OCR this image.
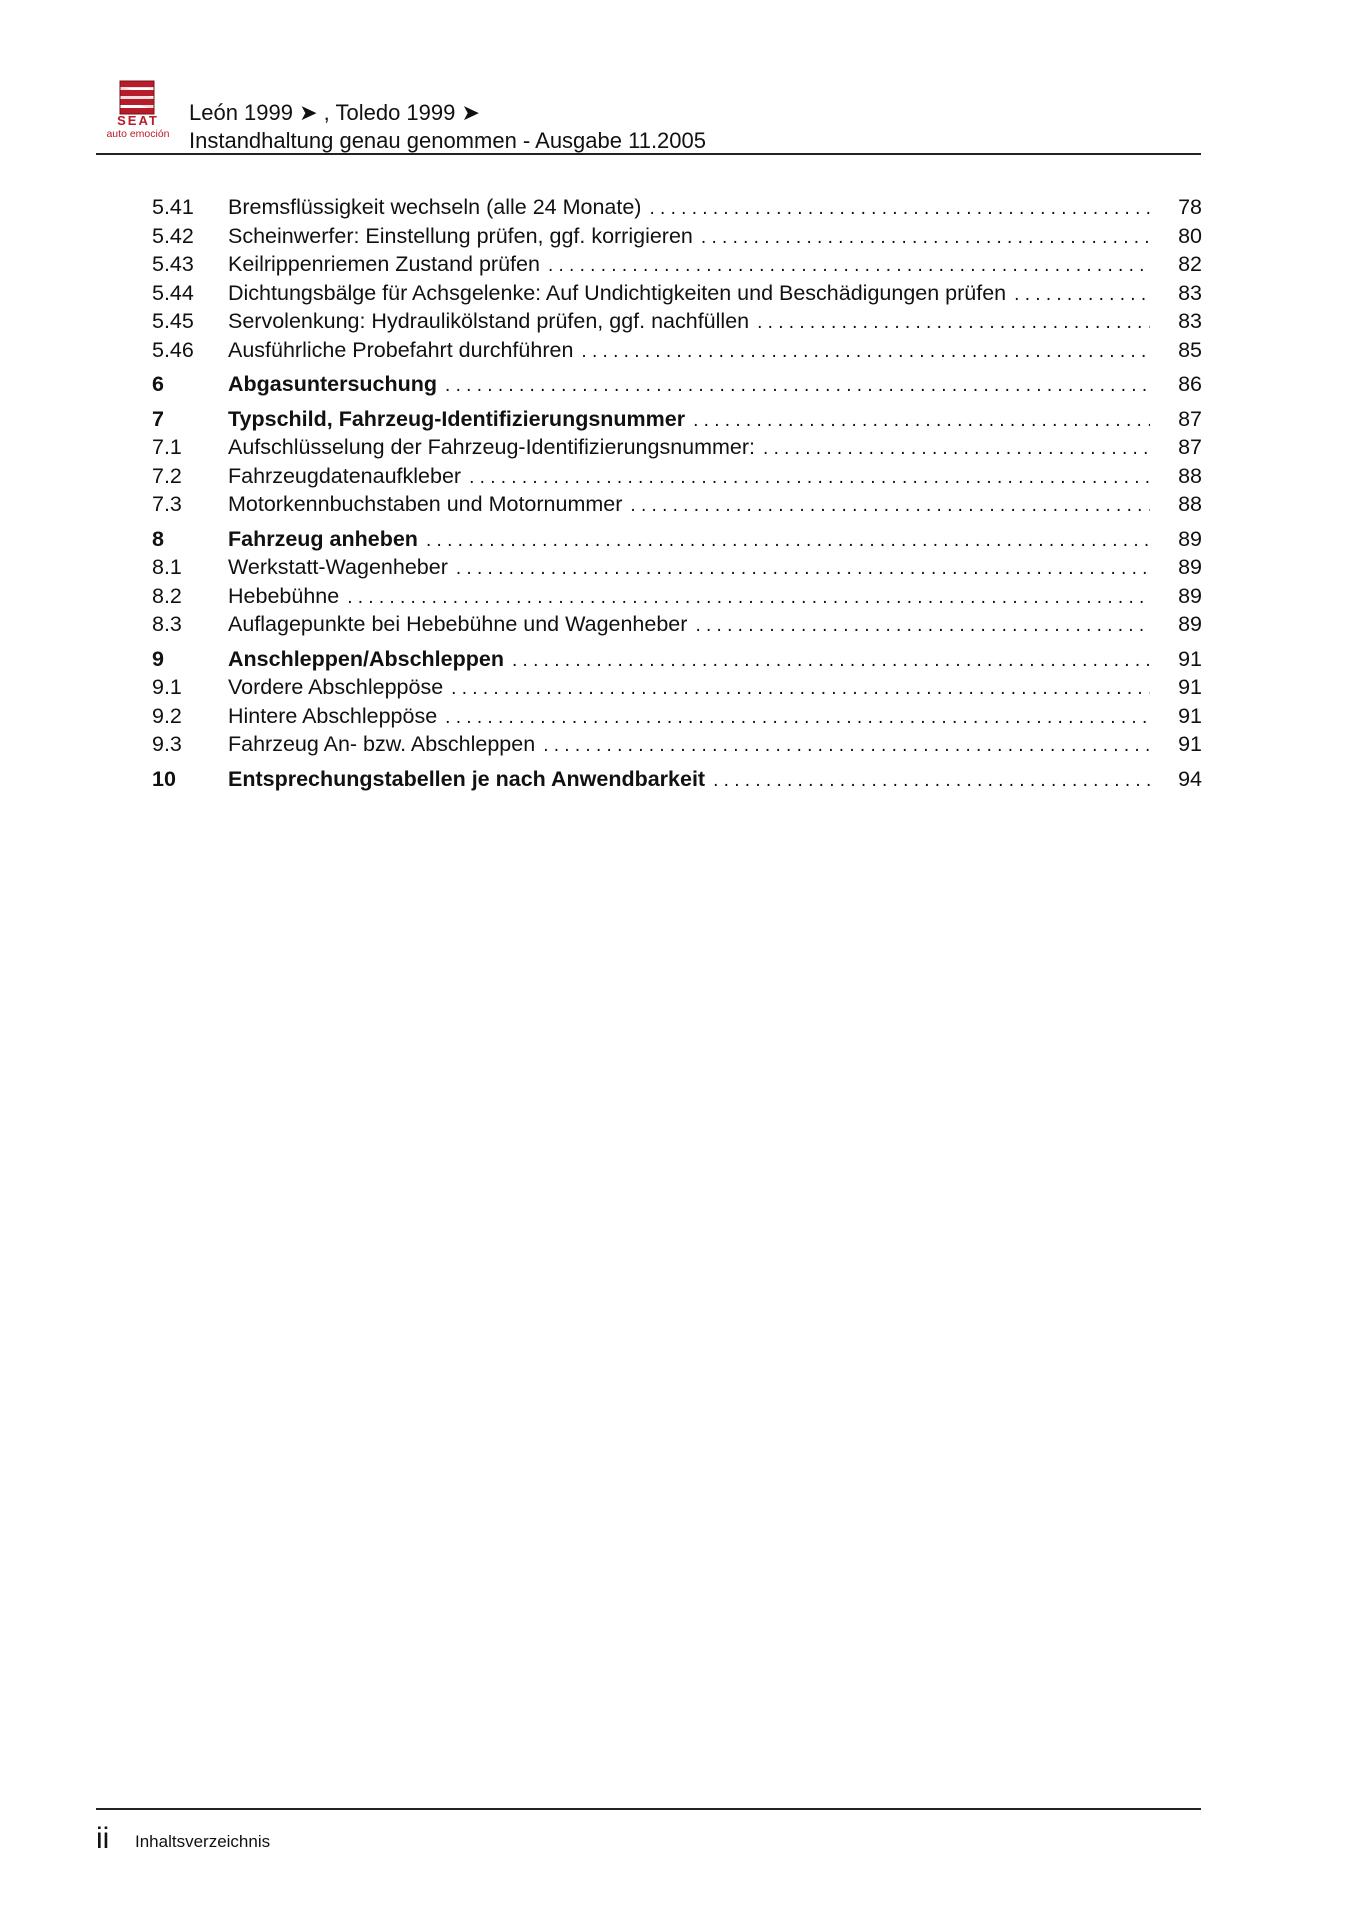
SEAT
auto emoción
León 1999 ➤ , Toledo 1999 ➤
Instandhaltung genau genommen - Ausgabe 11.2005
5.41	Bremsflüssigkeit wechseln (alle 24 Monate) . . .	78
5.42	Scheinwerfer: Einstellung prüfen, ggf. korrigieren . . .	80
5.43	Keilrippenriemen Zustand prüfen . . .	82
5.44	Dichtungsbälge für Achsgelenke: Auf Undichtigkeiten und Beschädigungen prüfen . . .	83
5.45	Servolenkung: Hydraulikölstand prüfen, ggf. nachfüllen . . .	83
5.46	Ausführliche Probefahrt durchführen . . .	85
6	Abgasuntersuchung . . .	86
7	Typschild, Fahrzeug-Identifizierungsnummer . . .	87
7.1	Aufschlüsselung der Fahrzeug-Identifizierungsnummer: . . .	87
7.2	Fahrzeugdatenaufkleber . . .	88
7.3	Motorkennbuchstaben und Motornummer . . .	88
8	Fahrzeug anheben . . .	89
8.1	Werkstatt-Wagenheber . . .	89
8.2	Hebebühne . . .	89
8.3	Auflagepunkte bei Hebebühne und Wagenheber . . .	89
9	Anschleppen/Abschleppen . . .	91
9.1	Vordere Abschleppöse . . .	91
9.2	Hintere Abschleppöse . . .	91
9.3	Fahrzeug An- bzw. Abschleppen . . .	91
10	Entsprechungstabellen je nach Anwendbarkeit . . .	94
ii Inhaltsverzeichnis
